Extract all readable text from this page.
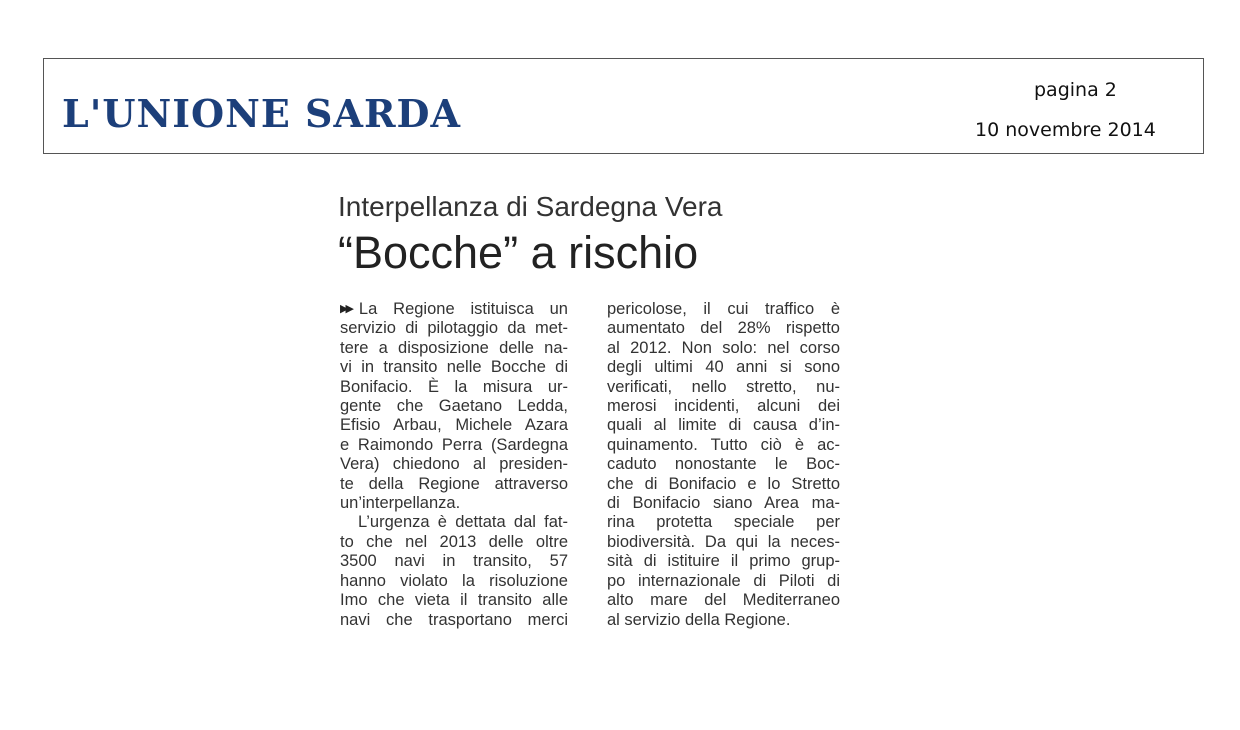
L'UNIONE SARDA
pagina 2
10 novembre 2014
Interpellanza di Sardegna Vera
“Bocche” a rischio
▶▶ La Regione istituisca un
servizio di pilotaggio da met-
tere a disposizione delle na-
vi in transito nelle Bocche di
Bonifacio. È la misura ur-
gente che Gaetano Ledda,
Efisio Arbau, Michele Azara
e Raimondo Perra (Sardegna
Vera) chiedono al presiden-
te della Regione attraverso
un’interpellanza.
L’urgenza è dettata dal fat-
to che nel 2013 delle oltre
3500 navi in transito, 57
hanno violato la risoluzione
Imo che vieta il transito alle
navi che trasportano merci
pericolose, il cui traffico è
aumentato del 28% rispetto
al 2012. Non solo: nel corso
degli ultimi 40 anni si sono
verificati, nello stretto, nu-
merosi incidenti, alcuni dei
quali al limite di causa d’in-
quinamento. Tutto ciò è ac-
caduto nonostante le Boc-
che di Bonifacio e lo Stretto
di Bonifacio siano Area ma-
rina protetta speciale per
biodiversità. Da qui la neces-
sità di istituire il primo grup-
po internazionale di Piloti di
alto mare del Mediterraneo
al servizio della Regione.
